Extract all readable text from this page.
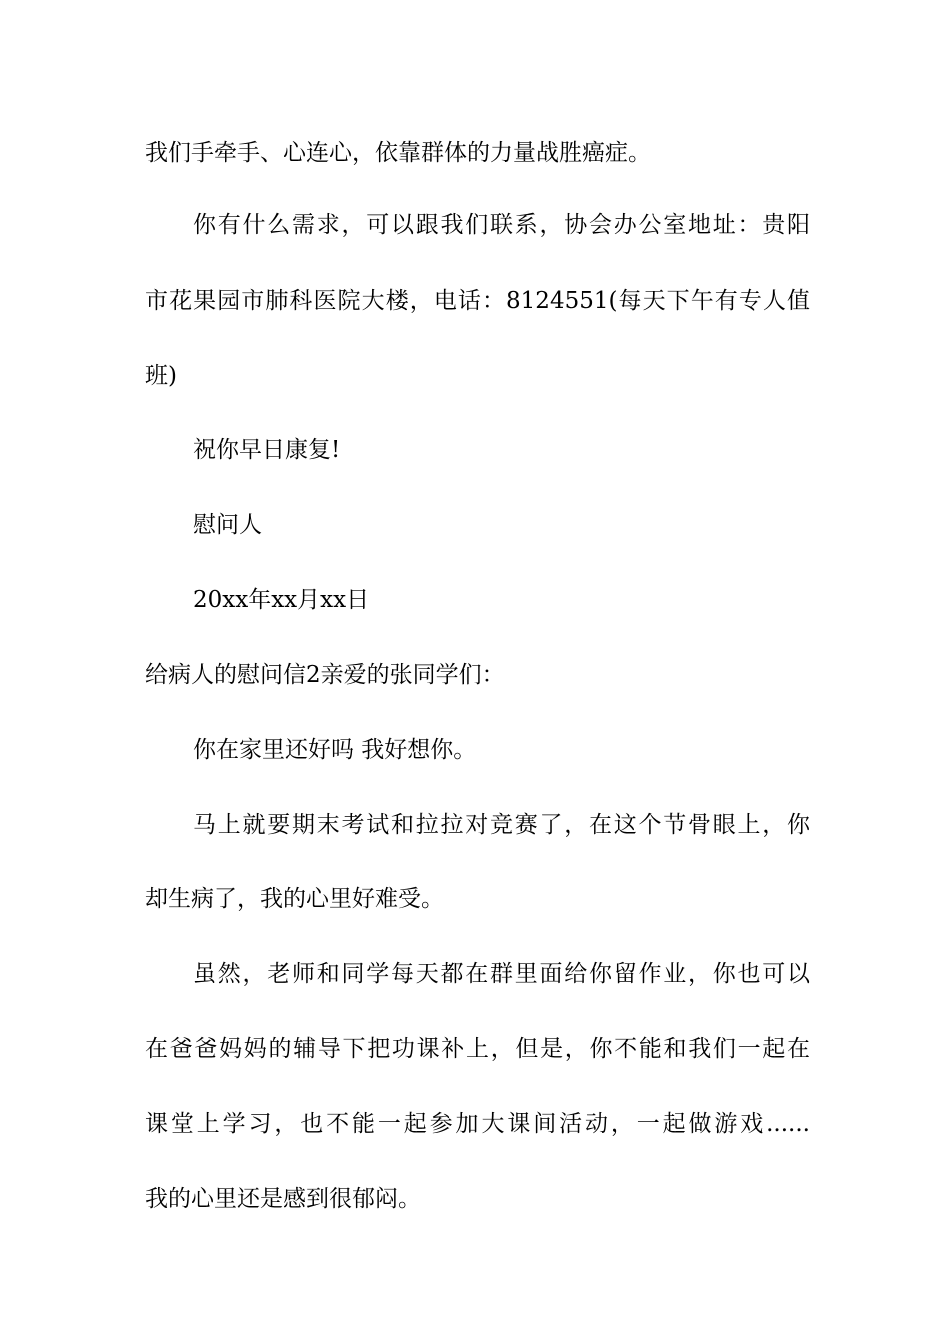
我们手牵手、心连心，依靠群体的力量战胜癌症。
你有什么需求，可以跟我们联系，协会办公室地址：贵阳
市花果园市肺科医院大楼，电话：8124551(每天下午有专人值
班)
祝你早日康复!
慰问人
20xx年xx月xx日
给病人的慰问信2亲爱的张同学们：
你在家里还好吗 我好想你。
马上就要期末考试和拉拉对竞赛了，在这个节骨眼上，你
却生病了，我的心里好难受。
虽然，老师和同学每天都在群里面给你留作业，你也可以
在爸爸妈妈的辅导下把功课补上，但是，你不能和我们一起在
课堂上学习，也不能一起参加大课间活动，一起做游戏......
我的心里还是感到很郁闷。
